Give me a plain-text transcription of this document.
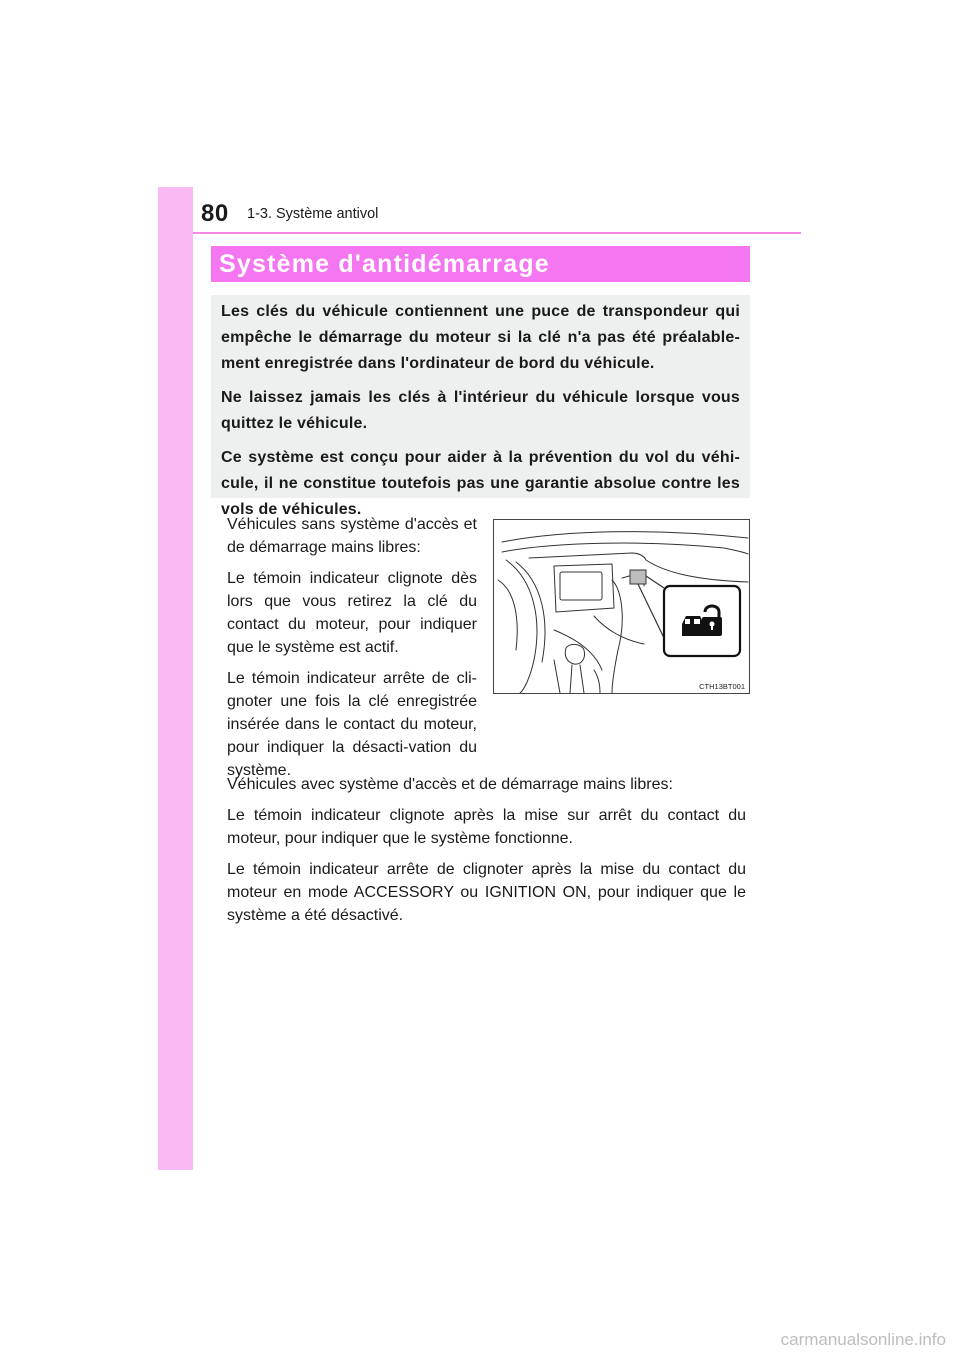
80 1-3. Système antivol
Système d'antidémarrage

Les clés du véhicule contiennent une puce de transpondeur qui empêche le démarrage du moteur si la clé n'a pas été préalable-ment enregistrée dans l'ordinateur de bord du véhicule.

Ne laissez jamais les clés à l'intérieur du véhicule lorsque vous quittez le véhicule.

Ce système est conçu pour aider à la prévention du vol du véhi-cule, il ne constitue toutefois pas une garantie absolue contre les vols de véhicules.

Véhicules sans système d'accès et de démarrage mains libres:

Le témoin indicateur clignote dès lors que vous retirez la clé du contact du moteur, pour indiquer que le système est actif.

Le témoin indicateur arrête de cli-gnoter une fois la clé enregistrée insérée dans le contact du moteur, pour indiquer la désacti-vation du système.

CTH13BT001

Véhicules avec système d'accès et de démarrage mains libres:

Le témoin indicateur clignote après la mise sur arrêt du contact du moteur, pour indiquer que le système fonctionne.

Le témoin indicateur arrête de clignoter après la mise du contact du moteur en mode ACCESSORY ou IGNITION ON, pour indiquer que le système a été désactivé.

carmanualsonline.info
